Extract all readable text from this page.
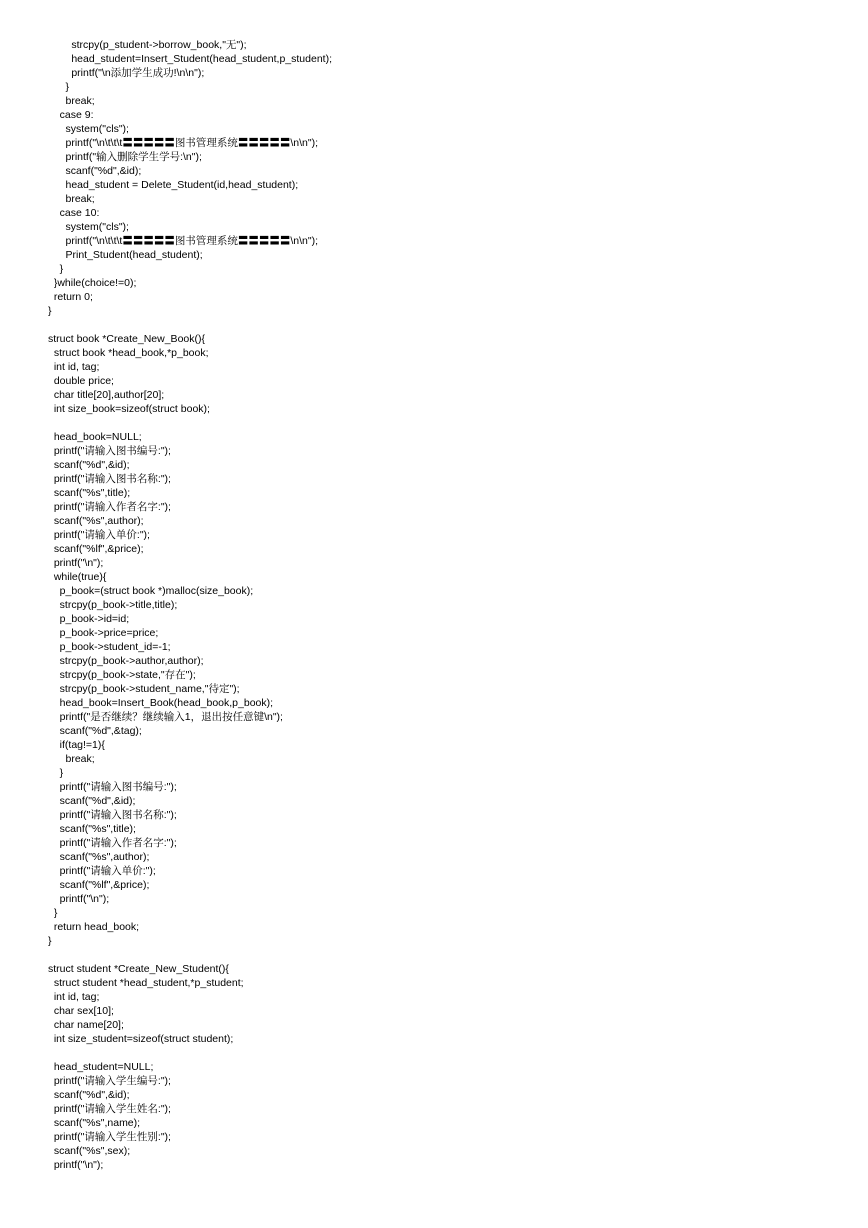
strcpy(p_student->borrow_book,"无");
head_student=Insert_Student(head_student,p_student);
printf("\n添加学生成功!\n\n");
}
break;
case 9:
system("cls");
printf("\n\t\t\t〓〓〓〓〓图书管理系统〓〓〓〓〓\n\n");
printf("输入删除学生学号:\n");
scanf("%d",&id);
head_student = Delete_Student(id,head_student);
break;
case 10:
system("cls");
printf("\n\t\t\t〓〓〓〓〓图书管理系统〓〓〓〓〓\n\n");
Print_Student(head_student);
}
}while(choice!=0);
return 0;
}
struct book *Create_New_Book(){
struct book *head_book,*p_book;
int id, tag;
double price;
char title[20],author[20];
int size_book=sizeof(struct book);
head_book=NULL;
printf("请输入图书编号:");
scanf("%d",&id);
printf("请输入图书名称:");
scanf("%s",title);
printf("请输入作者名字:");
scanf("%s",author);
printf("请输入单价:");
scanf("%lf",&price);
printf("\n");
while(true){
p_book=(struct book *)malloc(size_book);
strcpy(p_book->title,title);
p_book->id=id;
p_book->price=price;
p_book->student_id=-1;
strcpy(p_book->author,author);
strcpy(p_book->state,"存在");
strcpy(p_book->student_name,"待定");
head_book=Insert_Book(head_book,p_book);
printf("是否继续？继续输入1，退出按任意键\n");
scanf("%d",&tag);
if(tag!=1){
break;
}
printf("请输入图书编号:");
scanf("%d",&id);
printf("请输入图书名称:");
scanf("%s",title);
printf("请输入作者名字:");
scanf("%s",author);
printf("请输入单价:");
scanf("%lf",&price);
printf("\n");
}
return head_book;
}
struct student *Create_New_Student(){
struct student *head_student,*p_student;
int id, tag;
char sex[10];
char name[20];
int size_student=sizeof(struct student);
head_student=NULL;
printf("请输入学生编号:");
scanf("%d",&id);
printf("请输入学生姓名:");
scanf("%s",name);
printf("请输入学生性别:");
scanf("%s",sex);
printf("\n");
